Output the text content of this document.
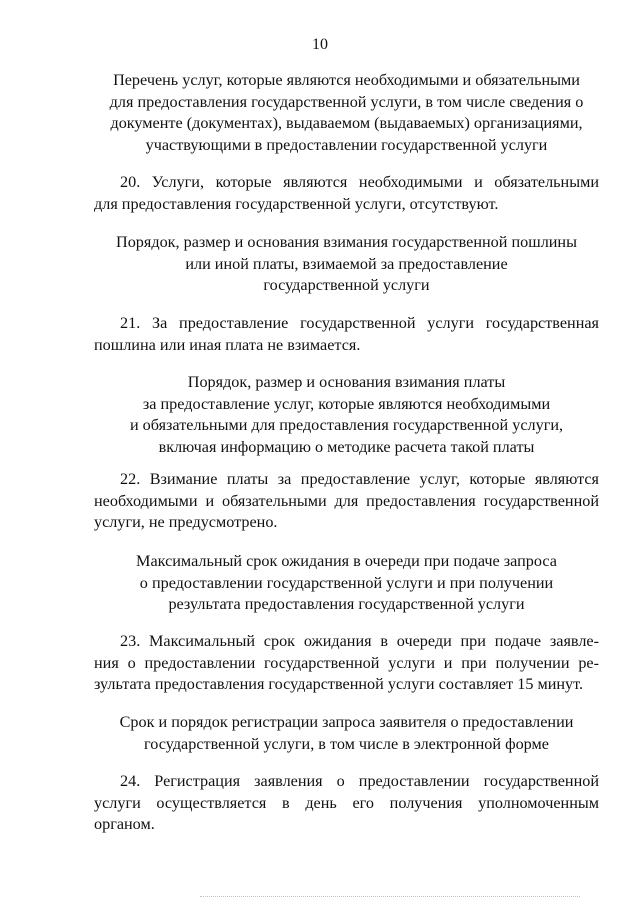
10
Перечень услуг, которые являются необходимыми и обязательными
для предоставления государственной услуги, в том числе сведения о
документе (документах), выдаваемом (выдаваемых) организациями,
участвующими в предоставлении государственной услуги
20. Услуги, которые являются необходимыми и обязательными
для предоставления государственной услуги, отсутствуют.
Порядок, размер и основания взимания государственной пошлины
или иной платы, взимаемой за предоставление
государственной услуги
21. За предоставление государственной услуги государственная
пошлина или иная плата не взимается.
Порядок, размер и основания взимания платы
за предоставление услуг, которые являются необходимыми
и обязательными для предоставления государственной услуги,
включая информацию о методике расчета такой платы
22. Взимание платы за предоставление услуг, которые являются
необходимыми и обязательными для предоставления государственной
услуги, не предусмотрено.
Максимальный срок ожидания в очереди при подаче запроса
о предоставлении государственной услуги и при получении
результата предоставления государственной услуги
23. Максимальный срок ожидания в очереди при подаче заявле-
ния о предоставлении государственной услуги и при получении ре-
зультата предоставления государственной услуги составляет 15 минут.
Срок и порядок регистрации запроса заявителя о предоставлении
государственной услуги, в том числе в электронной форме
24. Регистрация заявления о предоставлении государственной
услуги осуществляется в день его получения уполномоченным
органом.
